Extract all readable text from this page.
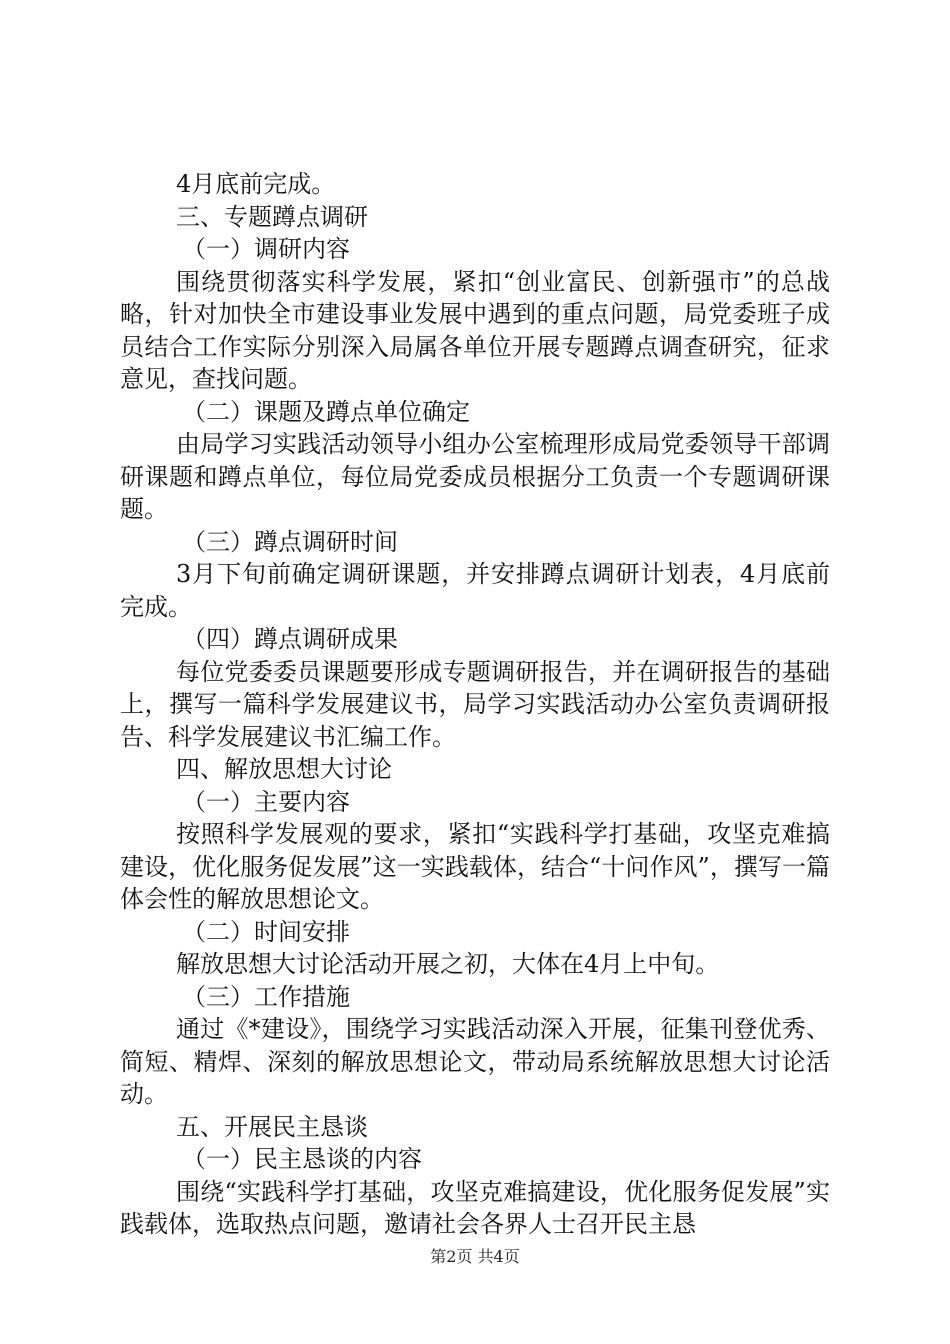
4月底前完成。

三、专题蹲点调研

（一）调研内容

围绕贯彻落实科学发展，紧扣“创业富民、创新强市”的总战略，针对加快全市建设事业发展中遇到的重点问题，局党委班子成员结合工作实际分别深入局属各单位开展专题蹲点调查研究，征求意见，查找问题。

（二）课题及蹲点单位确定

由局学习实践活动领导小组办公室梳理形成局党委领导干部调研课题和蹲点单位，每位局党委成员根据分工负责一个专题调研课题。

（三）蹲点调研时间

3月下旬前确定调研课题，并安排蹲点调研计划表，4月底前完成。

（四）蹲点调研成果

每位党委委员课题要形成专题调研报告，并在调研报告的基础上，撰写一篇科学发展建议书，局学习实践活动办公室负责调研报告、科学发展建议书汇编工作。

四、解放思想大讨论

（一）主要内容

按照科学发展观的要求，紧扣“实践科学打基础，攻坚克难搞建设，优化服务促发展”这一实践载体，结合“十问作风”，撰写一篇体会性的解放思想论文。

（二）时间安排

解放思想大讨论活动开展之初，大体在4月上中旬。

（三）工作措施

通过《*建设》，围绕学习实践活动深入开展，征集刊登优秀、简短、精焊、深刻的解放思想论文，带动局系统解放思想大讨论活动。

五、开展民主恳谈

（一）民主恳谈的内容

围绕“实践科学打基础，攻坚克难搞建设，优化服务促发展”实践载体，选取热点问题，邀请社会各界人士召开民主恳

第2页 共4页
